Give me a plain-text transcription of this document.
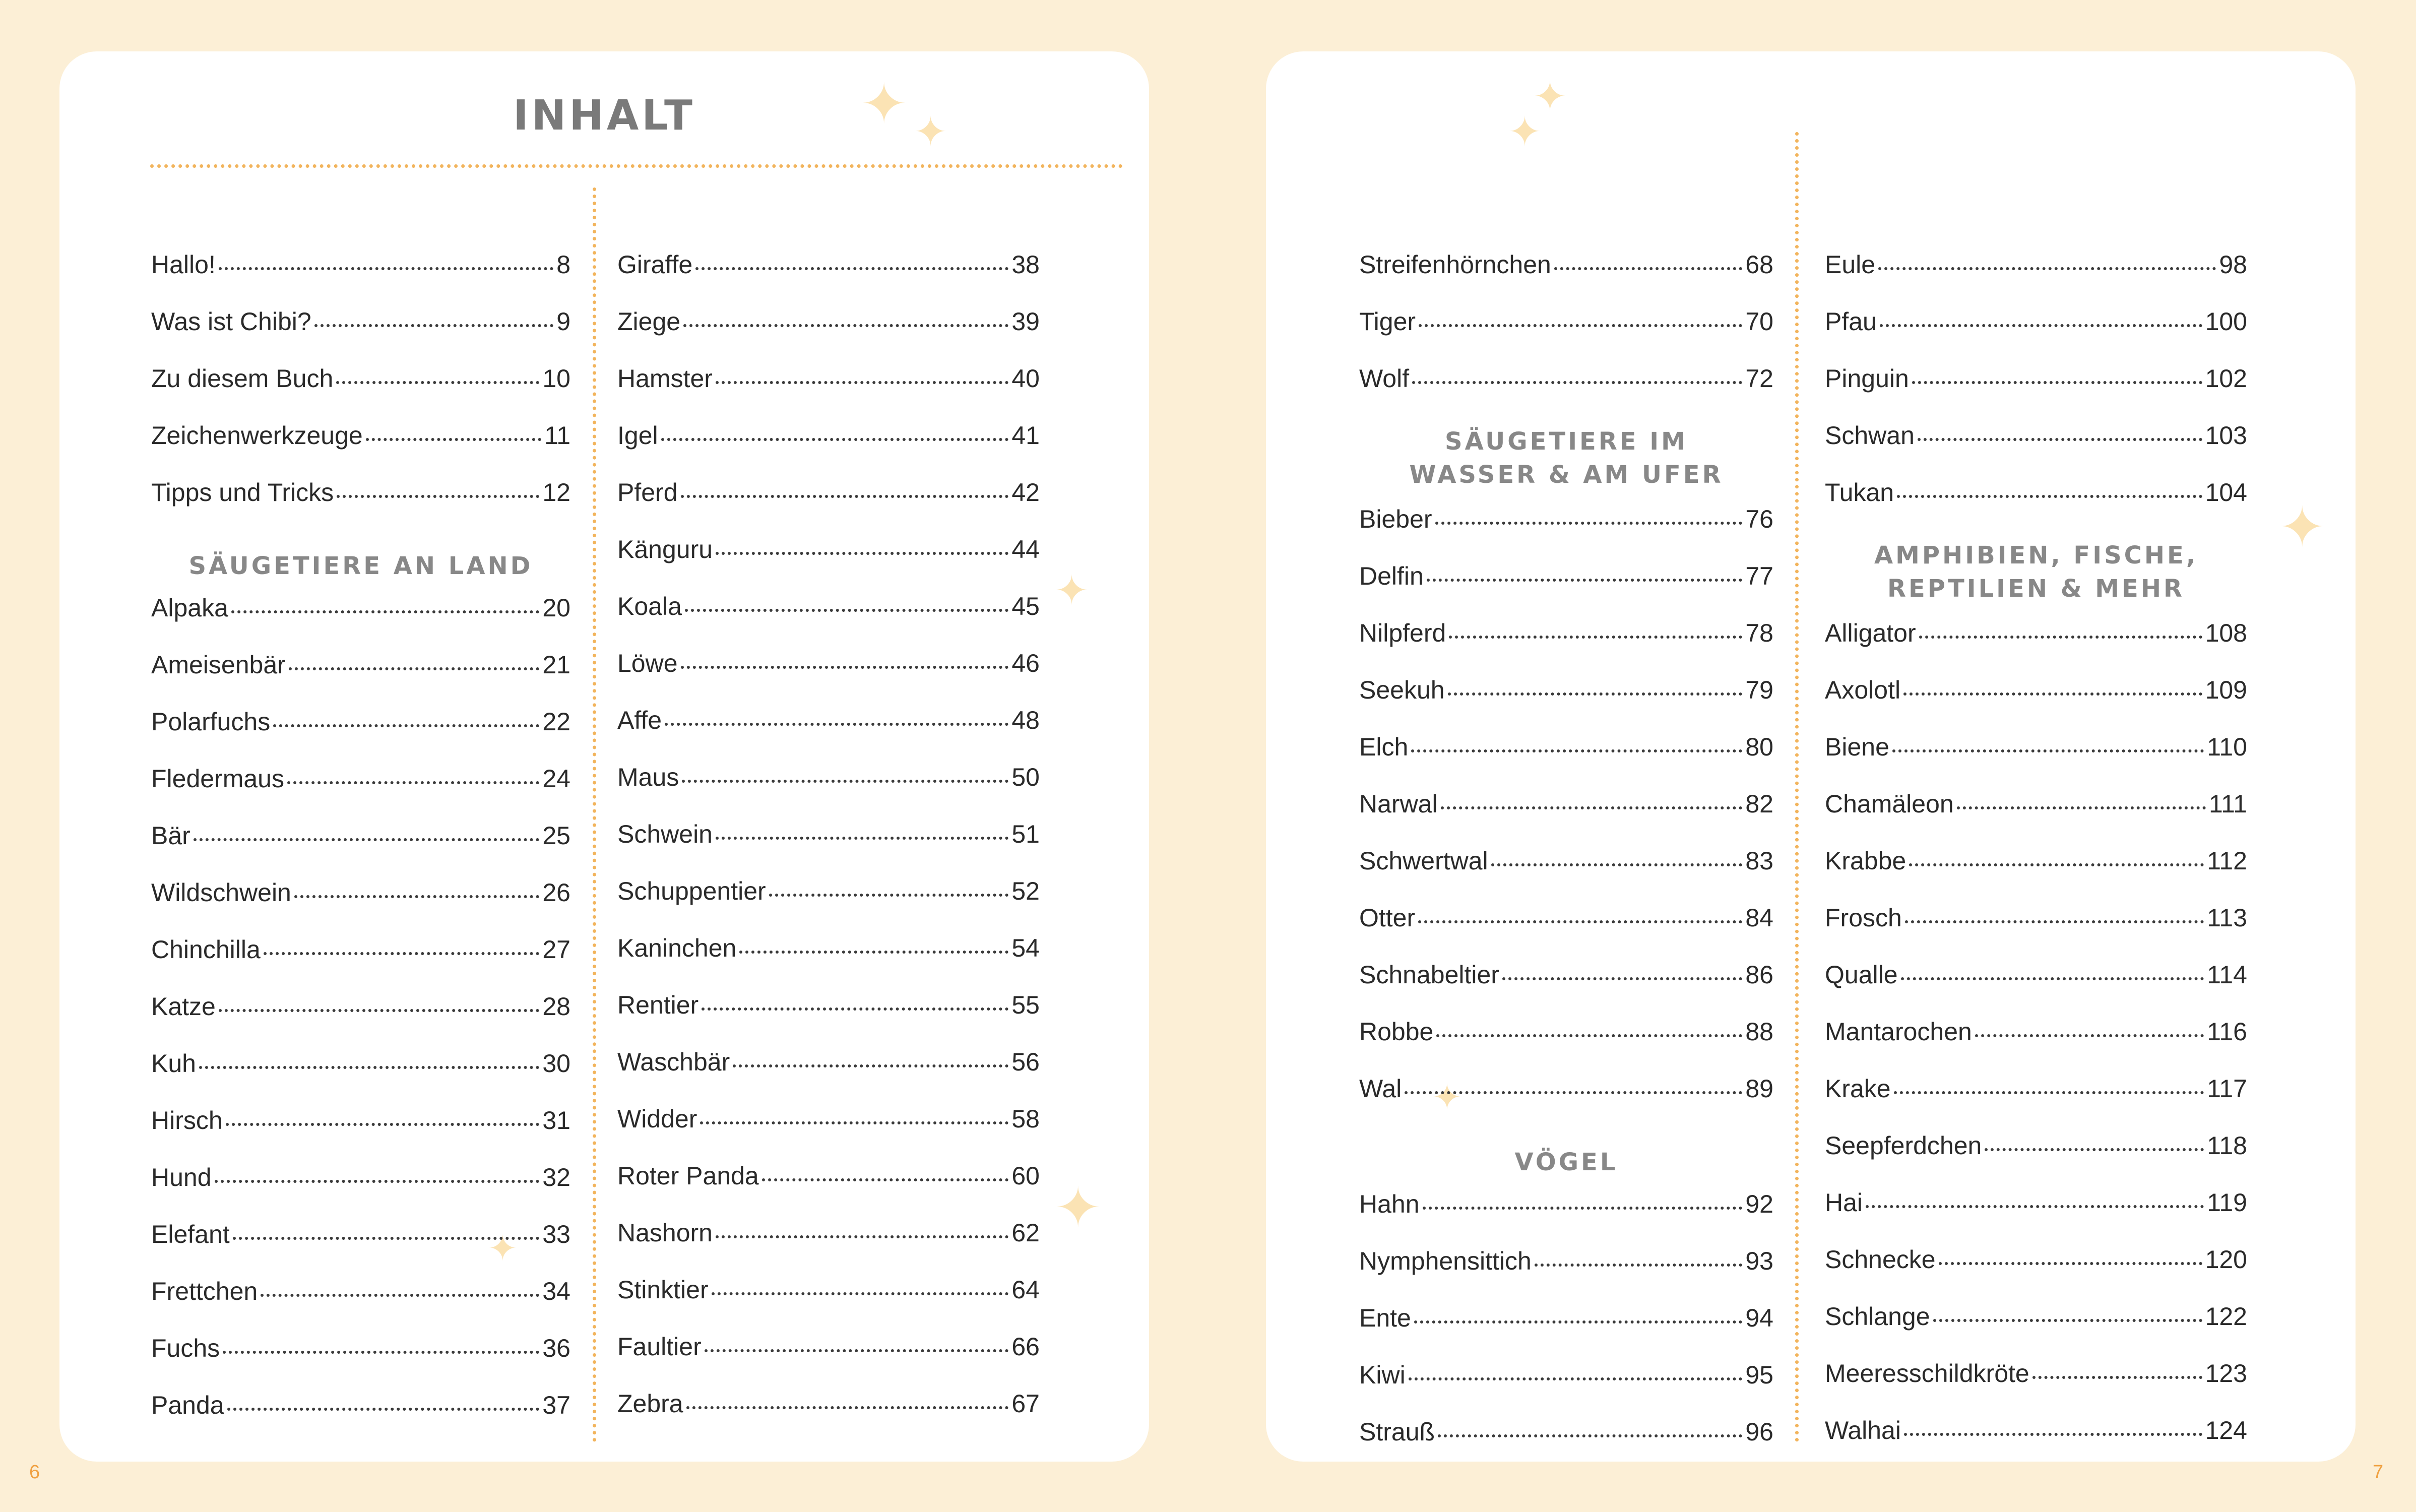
INHALT	✦ ✦
✦
✦
✦
Hallo!	8
Was ist Chibi?	9
Zu diesem Buch	10
Zeichenwerkzeuge	11
Tipps und Tricks	12
SÄUGETIERE AN LAND
Alpaka	20
Ameisenbär	21
Polarfuchs	22
Fledermaus	24
Bär	25
Wildschwein	26
Chinchilla	27
Katze	28
Kuh	30
Hirsch	31
Hund	32
Elefant	33
Frettchen	34
Fuchs	36
Panda	37
Giraffe	38
Ziege	39
Hamster	40
Igel	41
Pferd	42
Känguru	44
Koala	45
Löwe	46
Affe	48
Maus	50
Schwein	51
Schuppentier	52
Kaninchen	54
Rentier	55
Waschbär	56
Widder	58
Roter Panda	60
Nashorn	62
Stinktier	64
Faultier	66
Zebra	67
✦
✦
✦
✦
Streifenhörnchen	68
Tiger	70
Wolf	72
SÄUGETIERE IM
WASSER & AM UFER
Bieber	76
Delfin	77
Nilpferd	78
Seekuh	79
Elch	80
Narwal	82
Schwertwal	83
Otter	84
Schnabeltier	86
Robbe	88
Wal	89
VÖGEL
Hahn	92
Nymphensittich	93
Ente	94
Kiwi	95
Strauß	96
Eule	98
Pfau	100
Pinguin	102
Schwan	103
Tukan	104
AMPHIBIEN, FISCHE,
REPTILIEN & MEHR
Alligator	108
Axolotl	109
Biene	110
Chamäleon	111
Krabbe	112
Frosch	113
Qualle	114
Mantarochen	116
Krake	117
Seepferdchen	118
Hai	119
Schnecke	120
Schlange	122
Meeresschildkröte	123
Walhai	124
6	7
